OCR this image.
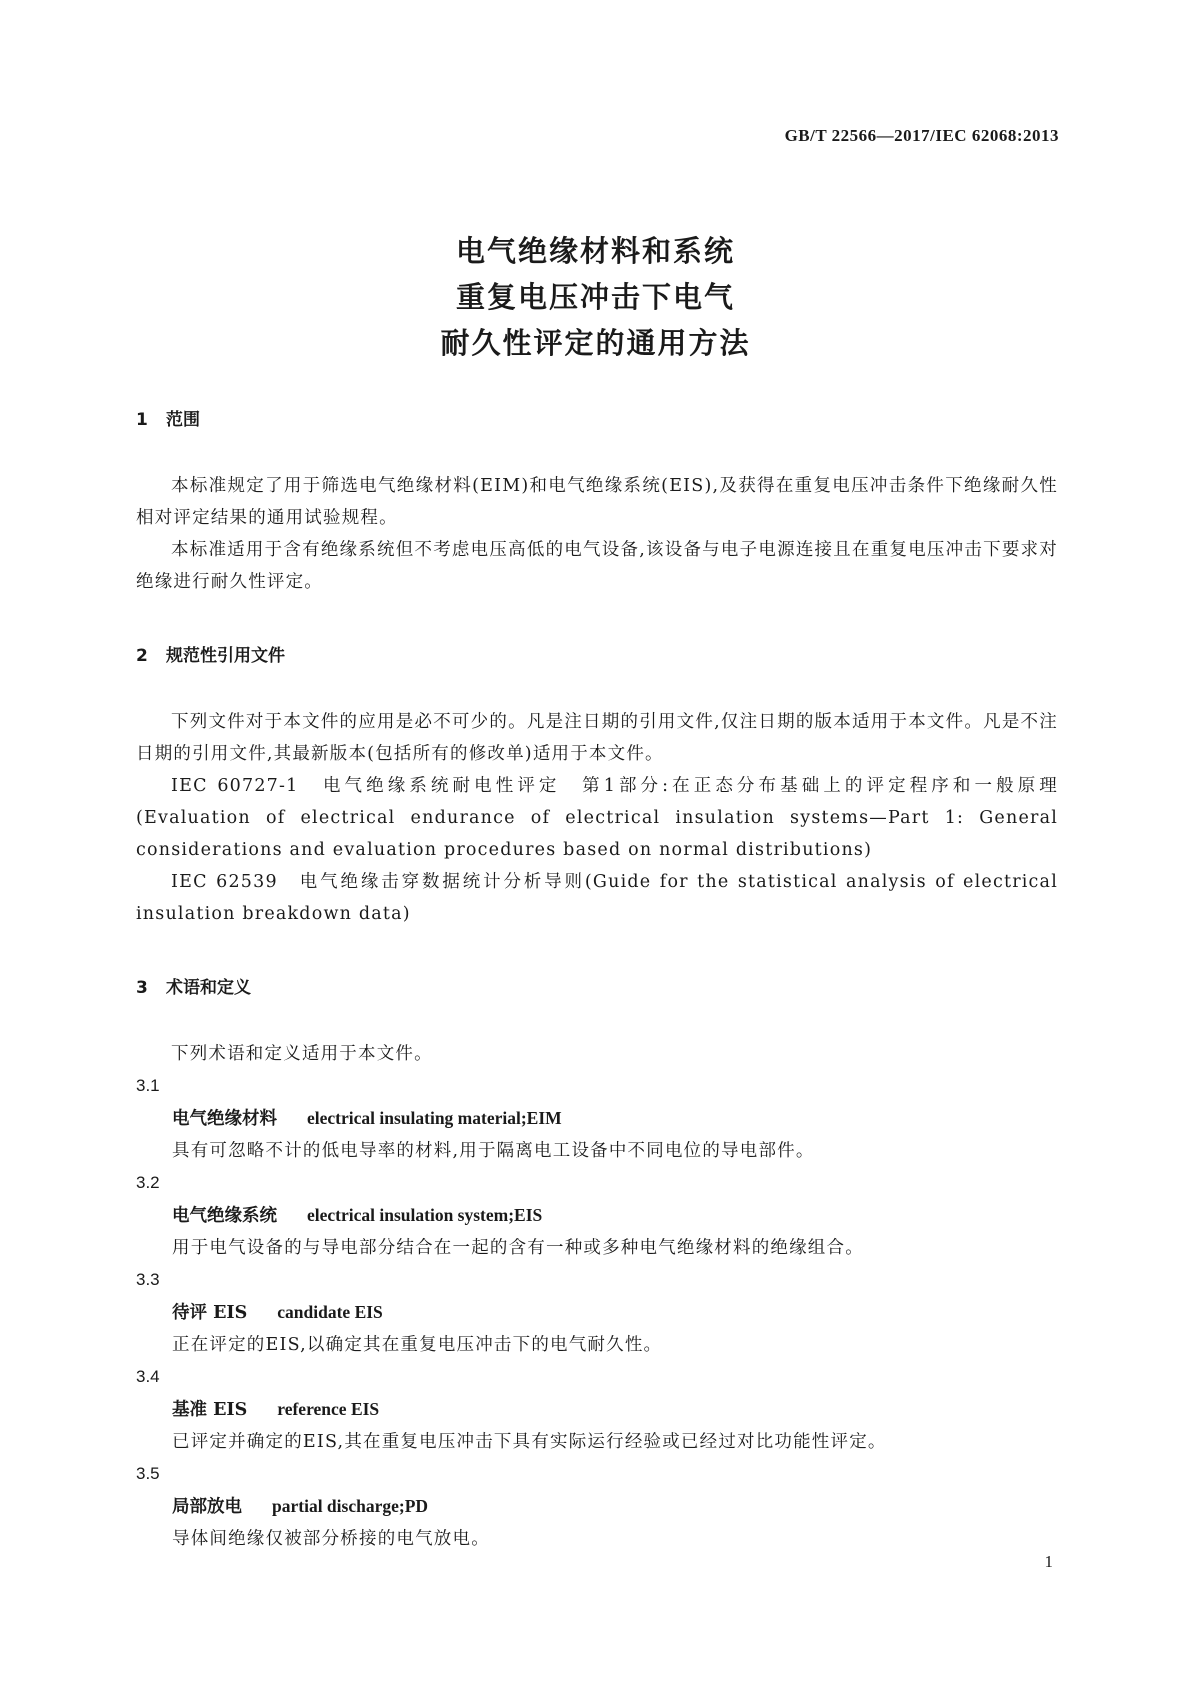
GB/T 22566—2017/IEC 62068:2013
电气绝缘材料和系统
重复电压冲击下电气
耐久性评定的通用方法
1 范围

本标准规定了用于筛选电气绝缘材料(EIM)和电气绝缘系统(EIS),及获得在重复电压冲击条件下绝缘耐久性相对评定结果的通用试验规程。

本标准适用于含有绝缘系统但不考虑电压高低的电气设备,该设备与电子电源连接且在重复电压冲击下要求对绝缘进行耐久性评定。

2 规范性引用文件

下列文件对于本文件的应用是必不可少的。凡是注日期的引用文件,仅注日期的版本适用于本文件。凡是不注日期的引用文件,其最新版本(包括所有的修改单)适用于本文件。

IEC 60727-1　电气绝缘系统耐电性评定　第1部分:在正态分布基础上的评定程序和一般原理(Evaluation of electrical endurance of electrical insulation systems—Part 1: General considerations and evaluation procedures based on normal distributions)

IEC 62539　电气绝缘击穿数据统计分析导则(Guide for the statistical analysis of electrical insulation breakdown data)

3 术语和定义

下列术语和定义适用于本文件。

3.1

电气绝缘材料 electrical insulating material;EIM

具有可忽略不计的低电导率的材料,用于隔离电工设备中不同电位的导电部件。

3.2

电气绝缘系统 electrical insulation system;EIS

用于电气设备的与导电部分结合在一起的含有一种或多种电气绝缘材料的绝缘组合。

3.3

待评 EIS candidate EIS

正在评定的EIS,以确定其在重复电压冲击下的电气耐久性。

3.4

基准 EIS reference EIS

已评定并确定的EIS,其在重复电压冲击下具有实际运行经验或已经过对比功能性评定。

3.5

局部放电 partial discharge;PD

导体间绝缘仅被部分桥接的电气放电。

1
